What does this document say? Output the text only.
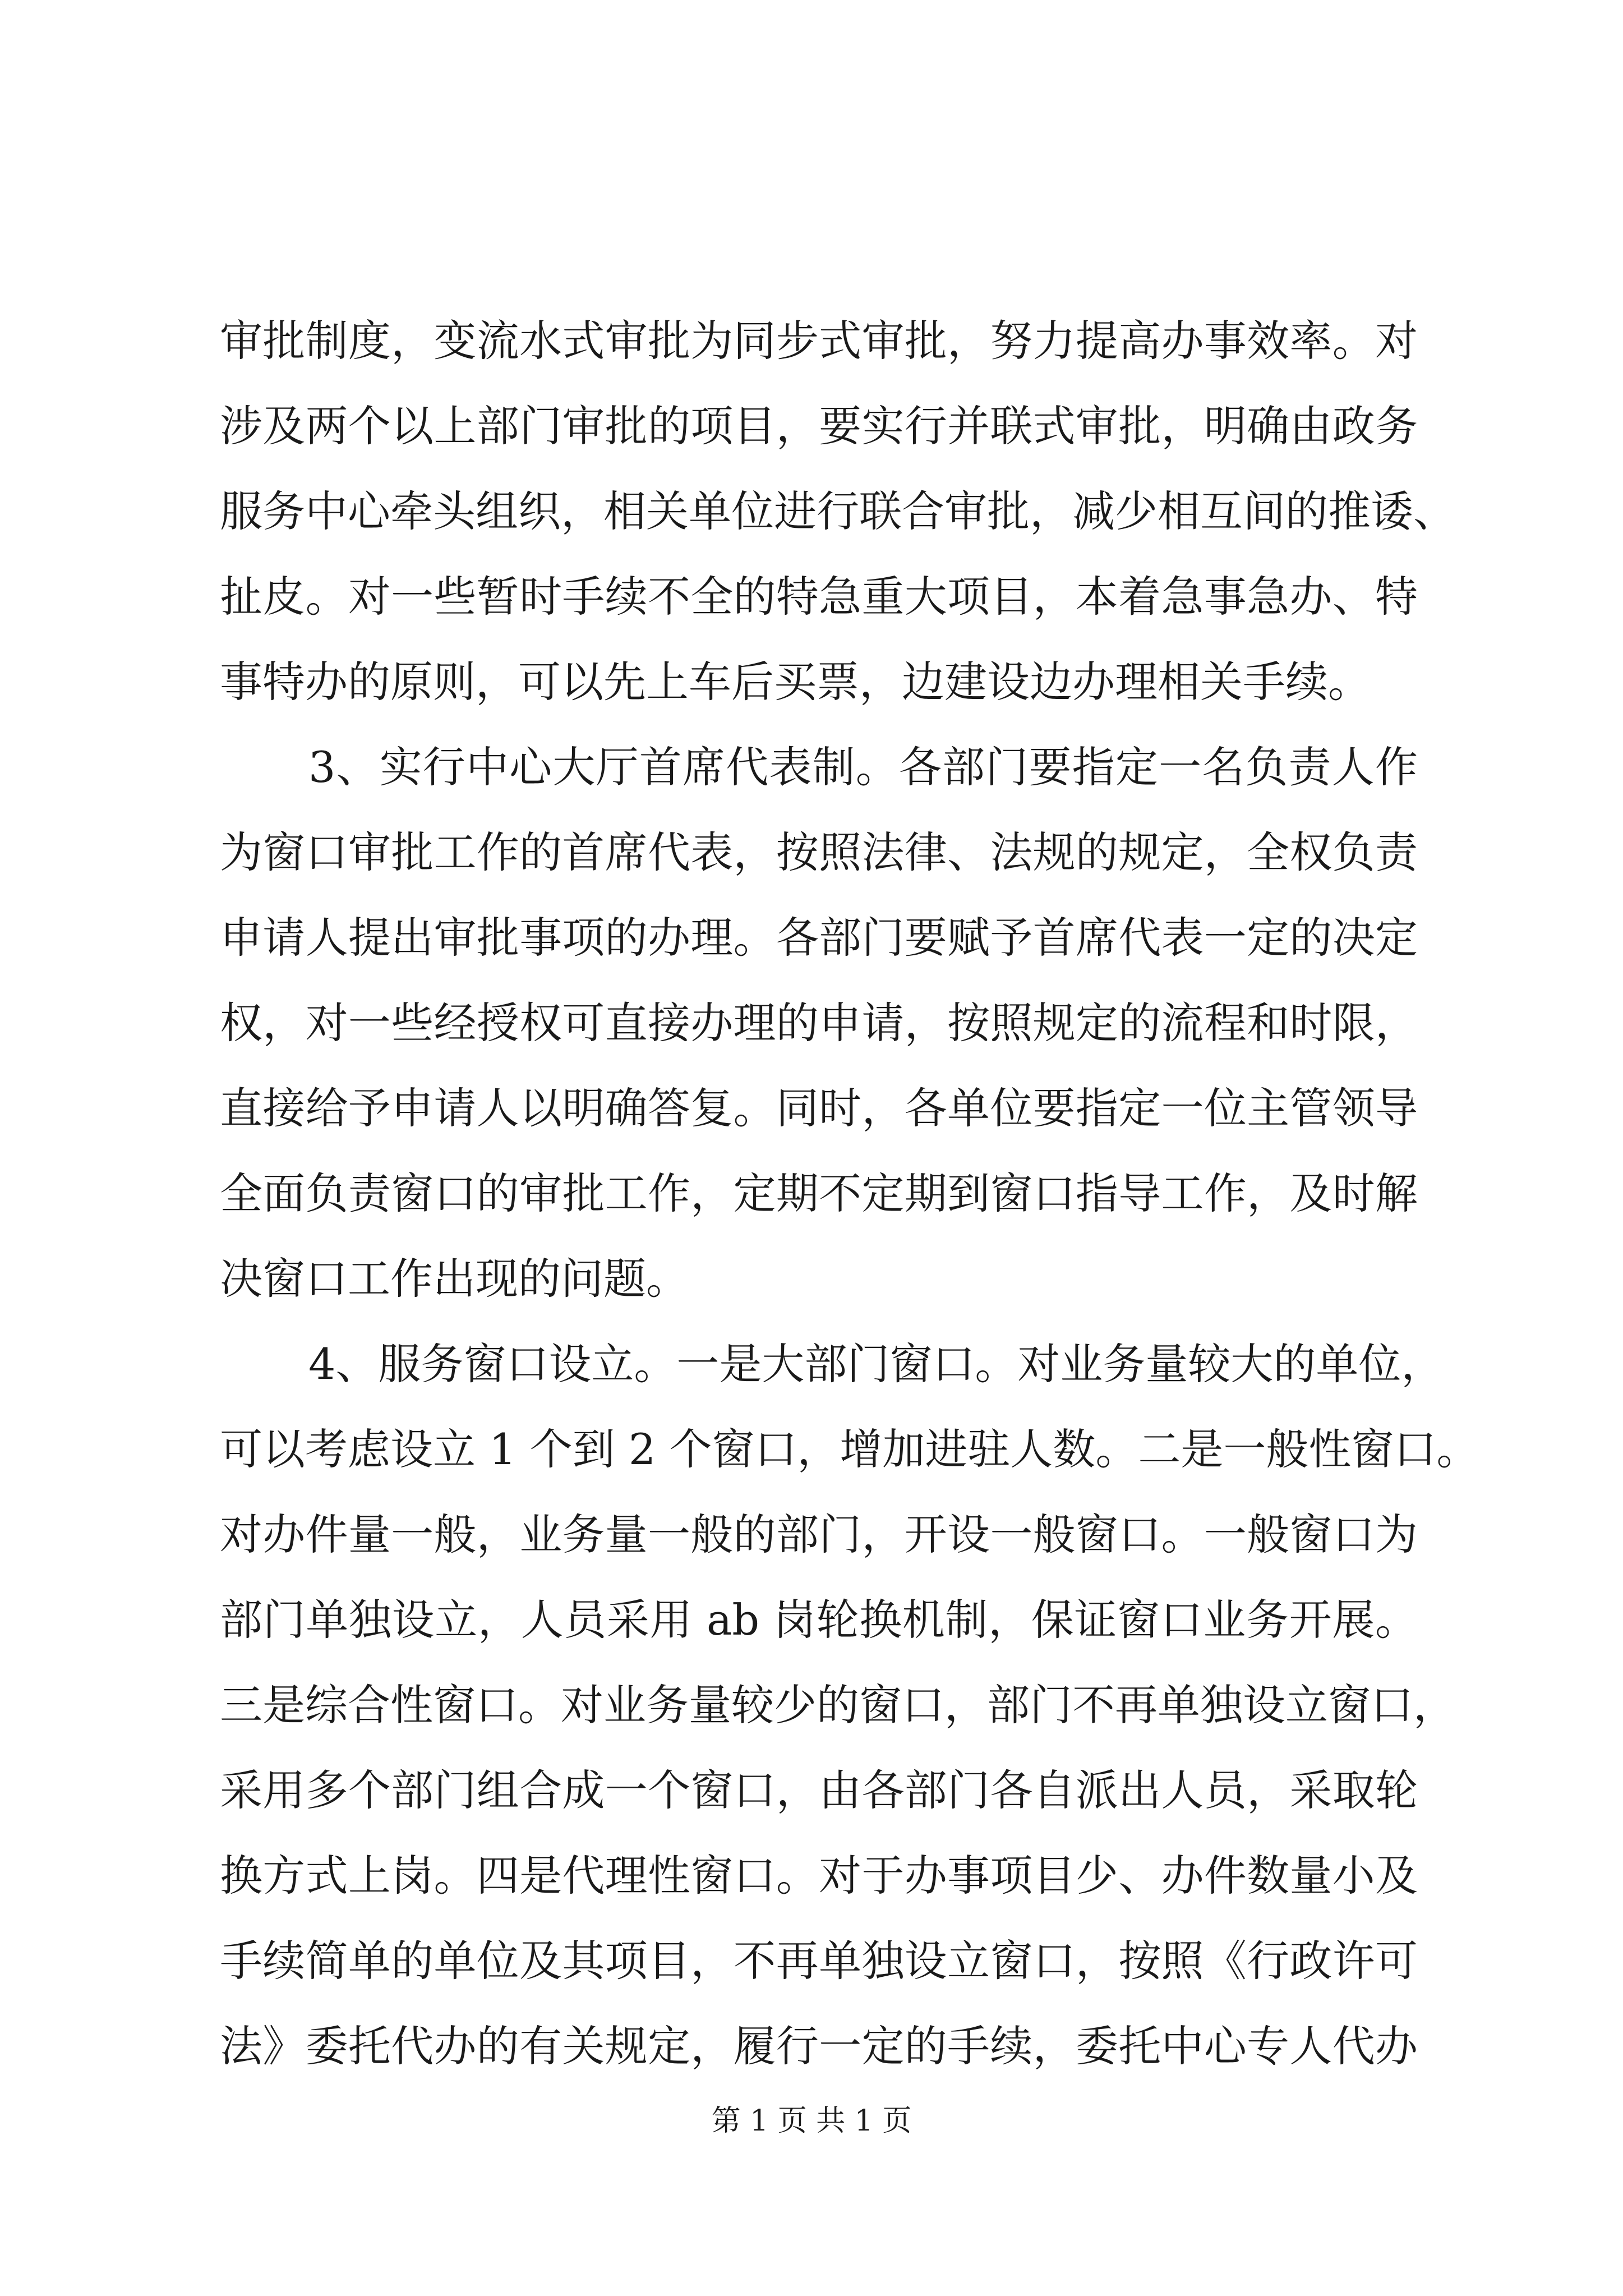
审批制度，变流水式审批为同步式审批，努力提高办事效率。对
涉及两个以上部门审批的项目，要实行并联式审批，明确由政务
服务中心牵头组织，相关单位进行联合审批，减少相互间的推诿、
扯皮。对一些暂时手续不全的特急重大项目，本着急事急办、特
事特办的原则，可以先上车后买票，边建设边办理相关手续。
3、实行中心大厅首席代表制。各部门要指定一名负责人作
为窗口审批工作的首席代表，按照法律、法规的规定，全权负责
申请人提出审批事项的办理。各部门要赋予首席代表一定的决定
权，对一些经授权可直接办理的申请，按照规定的流程和时限，
直接给予申请人以明确答复。同时，各单位要指定一位主管领导
全面负责窗口的审批工作，定期不定期到窗口指导工作，及时解
决窗口工作出现的问题。
4、服务窗口设立。一是大部门窗口。对业务量较大的单位，
可以考虑设立 1 个到 2 个窗口，增加进驻人数。二是一般性窗口。
对办件量一般，业务量一般的部门，开设一般窗口。一般窗口为
部门单独设立，人员采用 ab 岗轮换机制，保证窗口业务开展。
三是综合性窗口。对业务量较少的窗口，部门不再单独设立窗口，
采用多个部门组合成一个窗口，由各部门各自派出人员，采取轮
换方式上岗。四是代理性窗口。对于办事项目少、办件数量小及
手续简单的单位及其项目，不再单独设立窗口，按照《行政许可
法》委托代办的有关规定，履行一定的手续，委托中心专人代办
第 1 页 共 1 页
